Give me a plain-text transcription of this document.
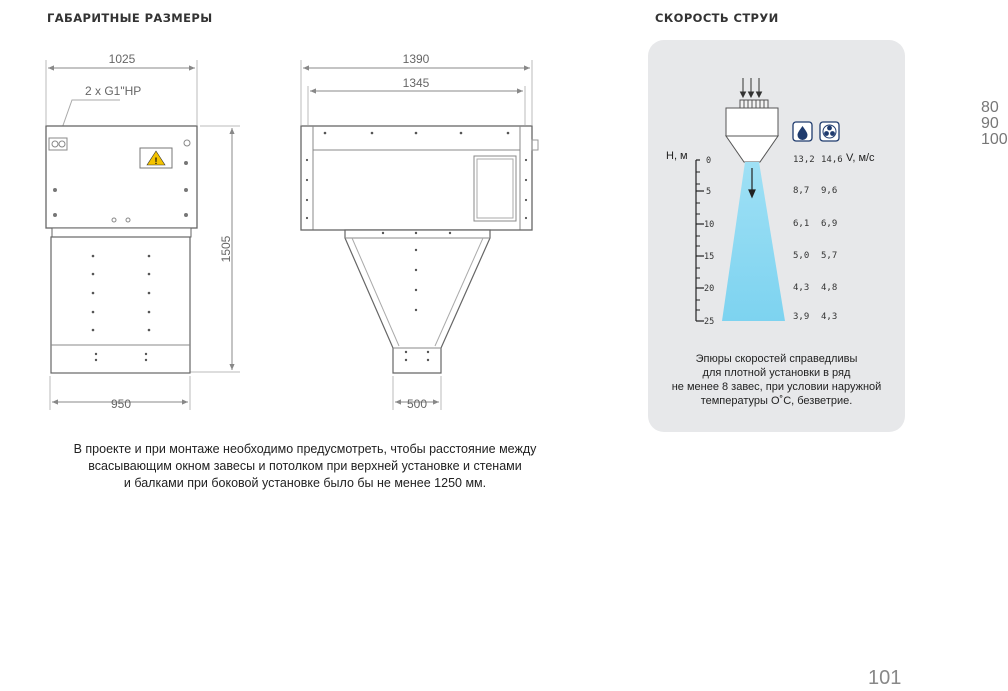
ГАБАРИТНЫЕ РАЗМЕРЫ	СКОРОСТЬ СТРУИ
!
1025
2 x G1"HP
950
1505
1390
1345
500
В проекте и при монтаже необходимо предусмотреть, чтобы расстояние между
всасывающим окном завесы и потолком при верхней установке и стенами
и балками при боковой установке было бы не менее 1250 мм.
H, м	V, м/с
0	13,2 14,6
5	8,7 9,6
10	6,1 6,9
15	5,0 5,7
20	4,3 4,8
25	3,9 4,3
Эпюры скоростей справедливы
для плотной установки в ряд
не менее 8 завес, при условии наружной
температуры О˚С, безветрие.
80
90
100
101
